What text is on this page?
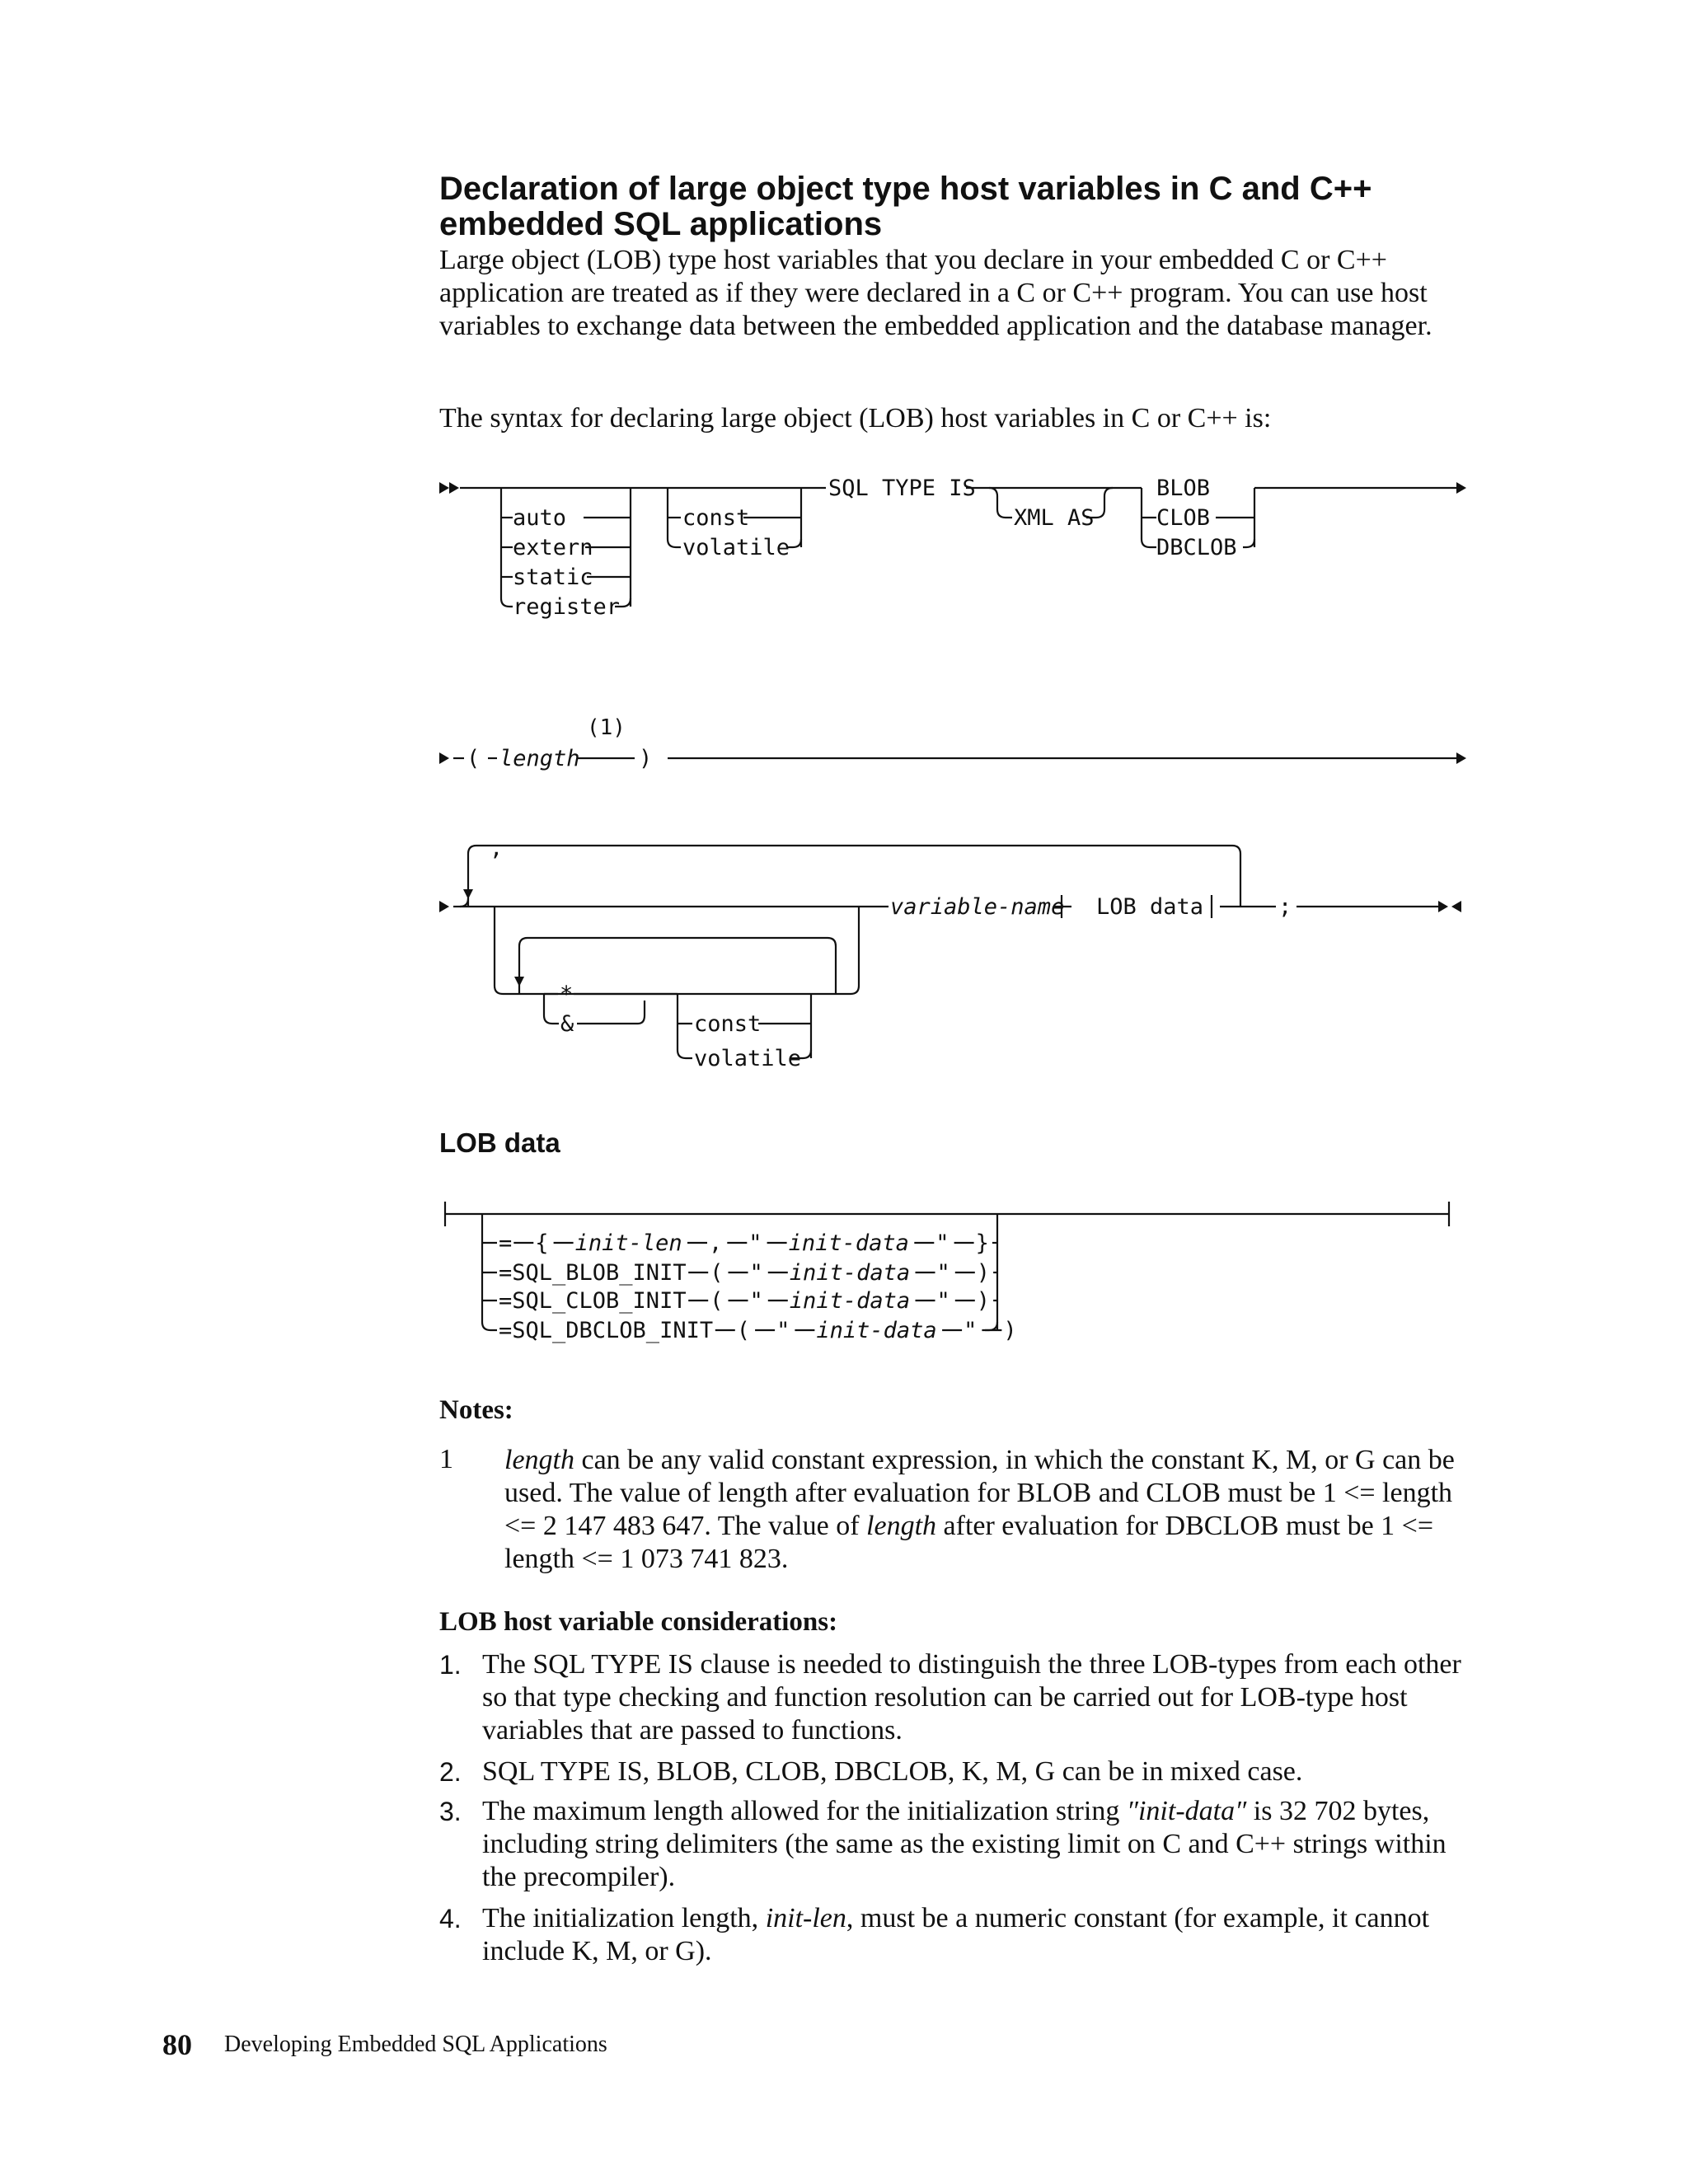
Declaration of large object type host variables in C and C++ embedded SQL applications
Large object (LOB) type host variables that you declare in your embedded C or C++ application are treated as if they were declared in a C or C++ program. You can use host variables to exchange data between the embedded application and the database manager.
The syntax for declaring large object (LOB) host variables in C or C++ is:
auto
extern
static
register
const
volatile
SQL TYPE IS
XML AS
BLOB
CLOB
DBCLOB
( length
(1)
)
,
variable-name LOB data	;
*
&	const
volatile
= { init-len , " init-data " }
=SQL_BLOB_INIT ( " init-data " )
=SQL_CLOB_INIT ( " init-data " )
=SQL_DBCLOB_INIT ( " init-data " )
LOB data
Notes:
1 length can be any valid constant expression, in which the constant K, M, or G can be used. The value of length after evaluation for BLOB and CLOB must be 1 <= length <= 2 147 483 647. The value of length after evaluation for DBCLOB must be 1 <= length <= 1 073 741 823.
LOB host variable considerations:
1. The SQL TYPE IS clause is needed to distinguish the three LOB-types from each other so that type checking and function resolution can be carried out for LOB-type host variables that are passed to functions.
2. SQL TYPE IS, BLOB, CLOB, DBCLOB, K, M, G can be in mixed case.
3. The maximum length allowed for the initialization string ″init-data″ is 32 702 bytes, including string delimiters (the same as the existing limit on C and C++ strings within the precompiler).
4. The initialization length, init-len, must be a numeric constant (for example, it cannot include K, M, or G).
80 Developing Embedded SQL Applications
